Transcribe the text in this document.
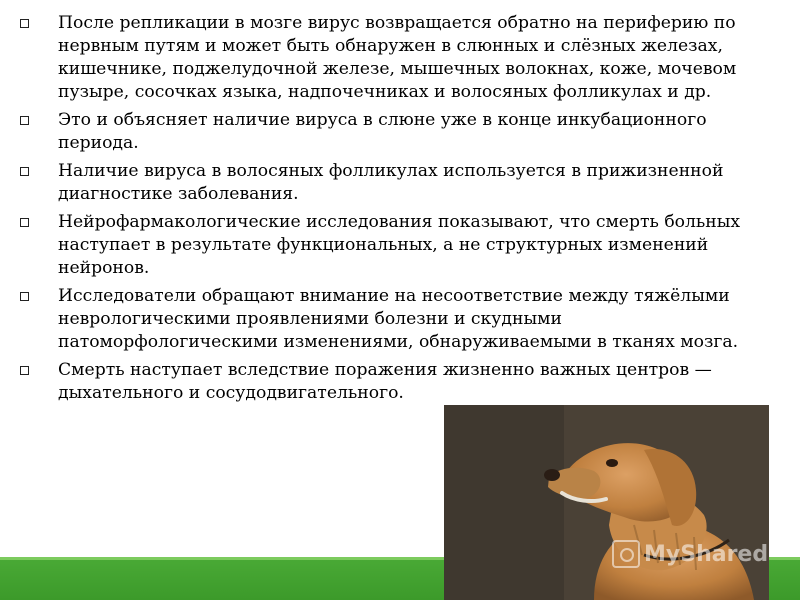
После репликации в мозге вирус возвращается обратно на периферию по нервным путям и может быть обнаружен в слюнных и слёзных железах, кишечнике, поджелудочной железе, мышечных волокнах, коже, мочевом пузыре, сосочках языка, надпочечниках и волосяных фолликулах и др.
Это и объясняет наличие вируса в слюне уже в конце инкубационного периода.
Наличие вируса в волосяных фолликулах используется в прижизненной диагностике заболевания.
Нейрофармакологические исследования показывают, что смерть больных наступает в результате функциональных, а не структурных изменений нейронов.
Исследователи обращают внимание на несоответствие между тяжёлыми неврологическими проявлениями болезни и скудными патоморфологическими изменениями, обнаруживаемыми в тканях мозга.
Смерть наступает вследствие поражения жизненно важных центров — дыхательного и сосудодвигательного.
MyShared
